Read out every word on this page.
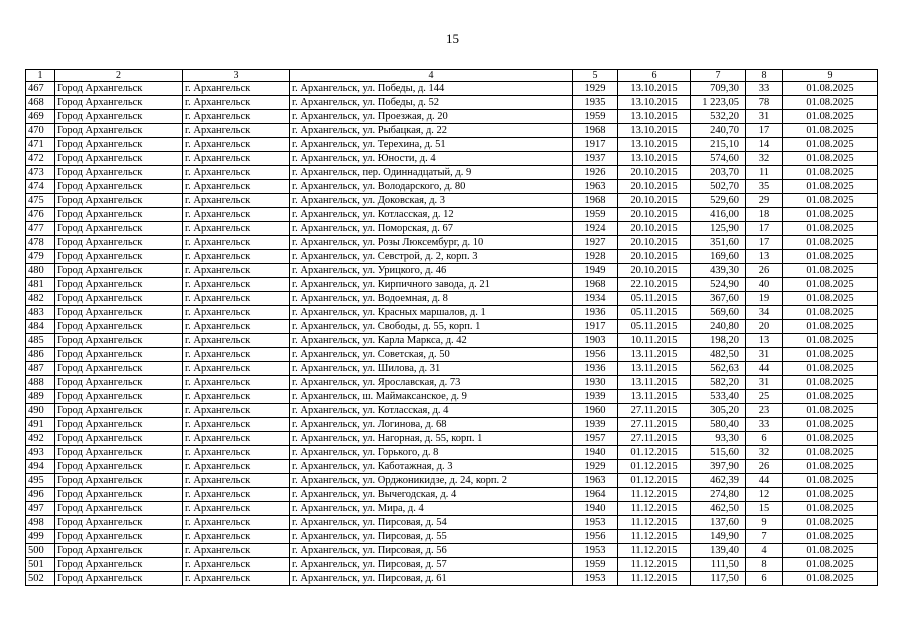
15
1	2	3	4	5	6	7	8	9
467	Город Архангельск	г. Архангельск	г. Архангельск, ул. Победы, д. 144	1929	13.10.2015	709,30	33	01.08.2025
468	Город Архангельск	г. Архангельск	г. Архангельск, ул. Победы, д. 52	1935	13.10.2015	1 223,05	78	01.08.2025
469	Город Архангельск	г. Архангельск	г. Архангельск, ул. Проезжая, д. 20	1959	13.10.2015	532,20	31	01.08.2025
470	Город Архангельск	г. Архангельск	г. Архангельск, ул. Рыбацкая, д. 22	1968	13.10.2015	240,70	17	01.08.2025
471	Город Архангельск	г. Архангельск	г. Архангельск, ул. Терехина, д. 51	1917	13.10.2015	215,10	14	01.08.2025
472	Город Архангельск	г. Архангельск	г. Архангельск, ул. Юности, д. 4	1937	13.10.2015	574,60	32	01.08.2025
473	Город Архангельск	г. Архангельск	г. Архангельск, пер. Одиннадцатый, д. 9	1926	20.10.2015	203,70	11	01.08.2025
474	Город Архангельск	г. Архангельск	г. Архангельск, ул. Володарского, д. 80	1963	20.10.2015	502,70	35	01.08.2025
475	Город Архангельск	г. Архангельск	г. Архангельск, ул. Доковская, д. 3	1968	20.10.2015	529,60	29	01.08.2025
476	Город Архангельск	г. Архангельск	г. Архангельск, ул. Котласская, д. 12	1959	20.10.2015	416,00	18	01.08.2025
477	Город Архангельск	г. Архангельск	г. Архангельск, ул. Поморская, д. 67	1924	20.10.2015	125,90	17	01.08.2025
478	Город Архангельск	г. Архангельск	г. Архангельск, ул. Розы Люксембург, д. 10	1927	20.10.2015	351,60	17	01.08.2025
479	Город Архангельск	г. Архангельск	г. Архангельск, ул. Севстрой, д. 2, корп. 3	1928	20.10.2015	169,60	13	01.08.2025
480	Город Архангельск	г. Архангельск	г. Архангельск, ул. Урицкого, д. 46	1949	20.10.2015	439,30	26	01.08.2025
481	Город Архангельск	г. Архангельск	г. Архангельск, ул. Кирпичного завода, д. 21	1968	22.10.2015	524,90	40	01.08.2025
482	Город Архангельск	г. Архангельск	г. Архангельск, ул. Водоемная, д. 8	1934	05.11.2015	367,60	19	01.08.2025
483	Город Архангельск	г. Архангельск	г. Архангельск, ул. Красных маршалов, д. 1	1936	05.11.2015	569,60	34	01.08.2025
484	Город Архангельск	г. Архангельск	г. Архангельск, ул. Свободы, д. 55, корп. 1	1917	05.11.2015	240,80	20	01.08.2025
485	Город Архангельск	г. Архангельск	г. Архангельск, ул. Карла Маркса, д. 42	1903	10.11.2015	198,20	13	01.08.2025
486	Город Архангельск	г. Архангельск	г. Архангельск, ул. Советская, д. 50	1956	13.11.2015	482,50	31	01.08.2025
487	Город Архангельск	г. Архангельск	г. Архангельск, ул. Шилова, д. 31	1936	13.11.2015	562,63	44	01.08.2025
488	Город Архангельск	г. Архангельск	г. Архангельск, ул. Ярославская, д. 73	1930	13.11.2015	582,20	31	01.08.2025
489	Город Архангельск	г. Архангельск	г. Архангельск, ш. Маймаксанское, д. 9	1939	13.11.2015	533,40	25	01.08.2025
490	Город Архангельск	г. Архангельск	г. Архангельск, ул. Котласская, д. 4	1960	27.11.2015	305,20	23	01.08.2025
491	Город Архангельск	г. Архангельск	г. Архангельск, ул. Логинова, д. 68	1939	27.11.2015	580,40	33	01.08.2025
492	Город Архангельск	г. Архангельск	г. Архангельск, ул. Нагорная, д. 55, корп. 1	1957	27.11.2015	93,30	6	01.08.2025
493	Город Архангельск	г. Архангельск	г. Архангельск, ул. Горького, д. 8	1940	01.12.2015	515,60	32	01.08.2025
494	Город Архангельск	г. Архангельск	г. Архангельск, ул. Каботажная, д. 3	1929	01.12.2015	397,90	26	01.08.2025
495	Город Архангельск	г. Архангельск	г. Архангельск, ул. Орджоникидзе, д. 24, корп. 2	1963	01.12.2015	462,39	44	01.08.2025
496	Город Архангельск	г. Архангельск	г. Архангельск, ул. Вычегодская, д. 4	1964	11.12.2015	274,80	12	01.08.2025
497	Город Архангельск	г. Архангельск	г. Архангельск, ул. Мира, д. 4	1940	11.12.2015	462,50	15	01.08.2025
498	Город Архангельск	г. Архангельск	г. Архангельск, ул. Пирсовая, д. 54	1953	11.12.2015	137,60	9	01.08.2025
499	Город Архангельск	г. Архангельск	г. Архангельск, ул. Пирсовая, д. 55	1956	11.12.2015	149,90	7	01.08.2025
500	Город Архангельск	г. Архангельск	г. Архангельск, ул. Пирсовая, д. 56	1953	11.12.2015	139,40	4	01.08.2025
501	Город Архангельск	г. Архангельск	г. Архангельск, ул. Пирсовая, д. 57	1959	11.12.2015	111,50	8	01.08.2025
502	Город Архангельск	г. Архангельск	г. Архангельск, ул. Пирсовая, д. 61	1953	11.12.2015	117,50	6	01.08.2025
